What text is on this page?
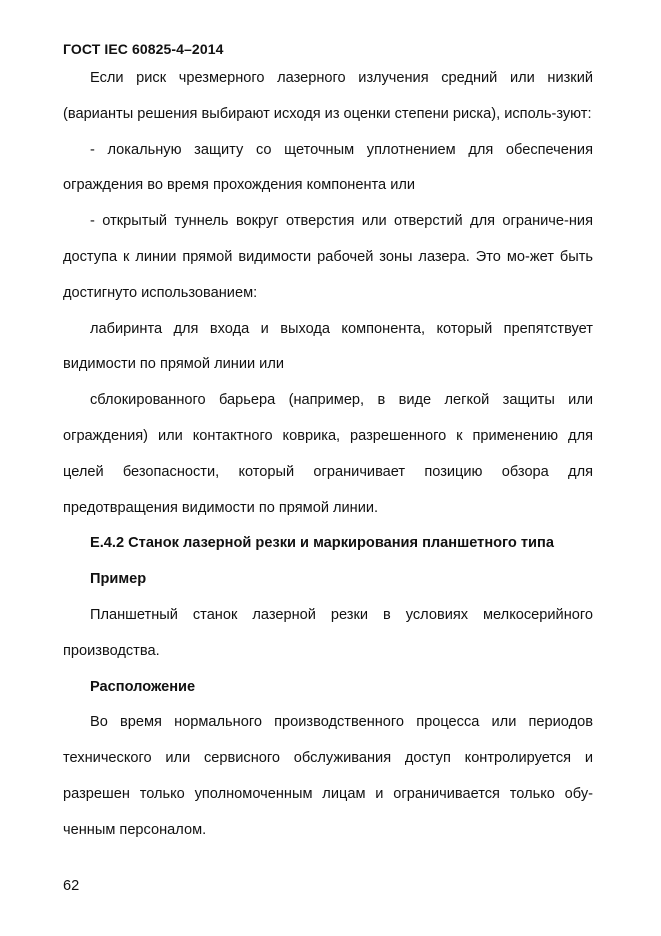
ГОСТ IEC 60825-4–2014

Если риск чрезмерного лазерного излучения средний или низкий (варианты решения выбирают исходя из оценки степени риска), исполь-зуют:

- локальную защиту со щеточным уплотнением для обеспечения ограждения во время прохождения компонента или

- открытый туннель вокруг отверстия или отверстий для ограниче-ния доступа к линии прямой видимости рабочей зоны лазера. Это мо-жет быть достигнуто использованием:

лабиринта для входа и выхода компонента, который препятствует видимости по прямой линии или

сблокированного барьера (например, в виде легкой защиты или ограждения) или контактного коврика, разрешенного к применению для целей безопасности, который ограничивает позицию обзора для предотвращения видимости по прямой линии.

Е.4.2 Станок лазерной резки и маркирования планшетного типа

Пример

Планшетный станок лазерной резки в условиях мелкосерийного производства.

Расположение

Во время нормального производственного процесса или периодов технического или сервисного обслуживания доступ контролируется и разрешен только уполномоченным лицам и ограничивается только обу-ченным персоналом.

62
